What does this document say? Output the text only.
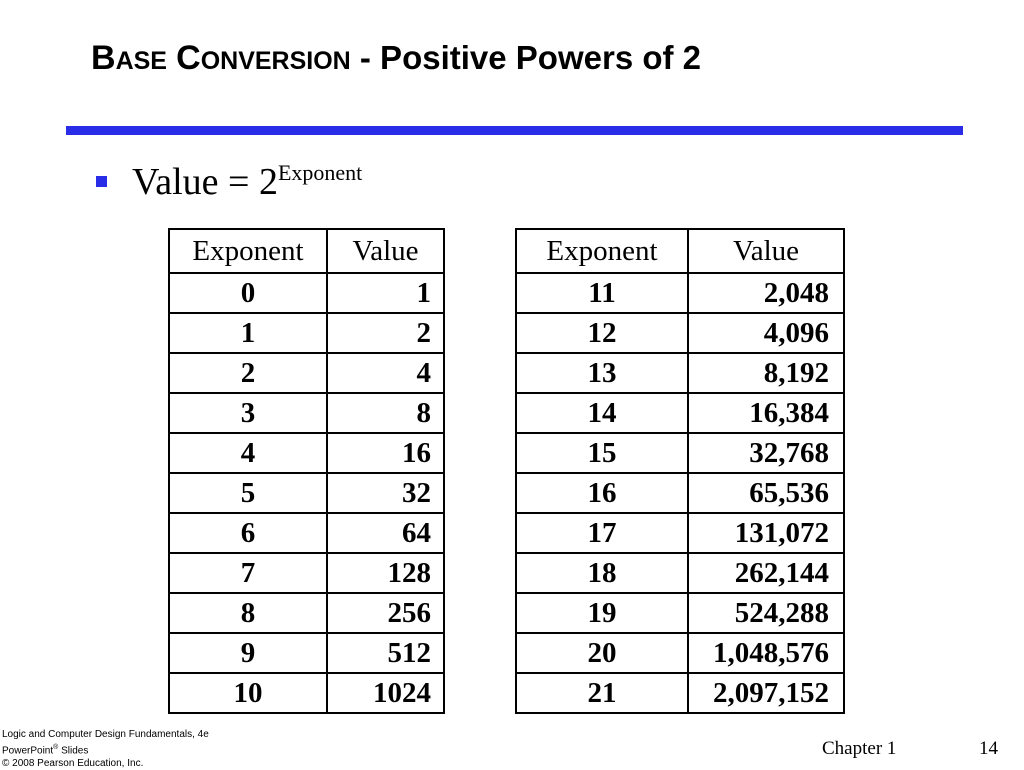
BASE CONVERSION - Positive Powers of 2
Value = $2^{Exponent}$
Exponent	Value
0	1
1	2
2	4
3	8
4	16
5	32
6	64
7	128
8	256
9	512
10	1024
Exponent	Value
11	2,048
12	4,096
13	8,192
14	16,384
15	32,768
16	65,536
17	131,072
18	262,144
19	524,288
20	1,048,576
21	2,097,152
Logic and Computer Design Fundamentals, 4e
PowerPoint® Slides
© 2008 Pearson Education, Inc.
Chapter 1	14
